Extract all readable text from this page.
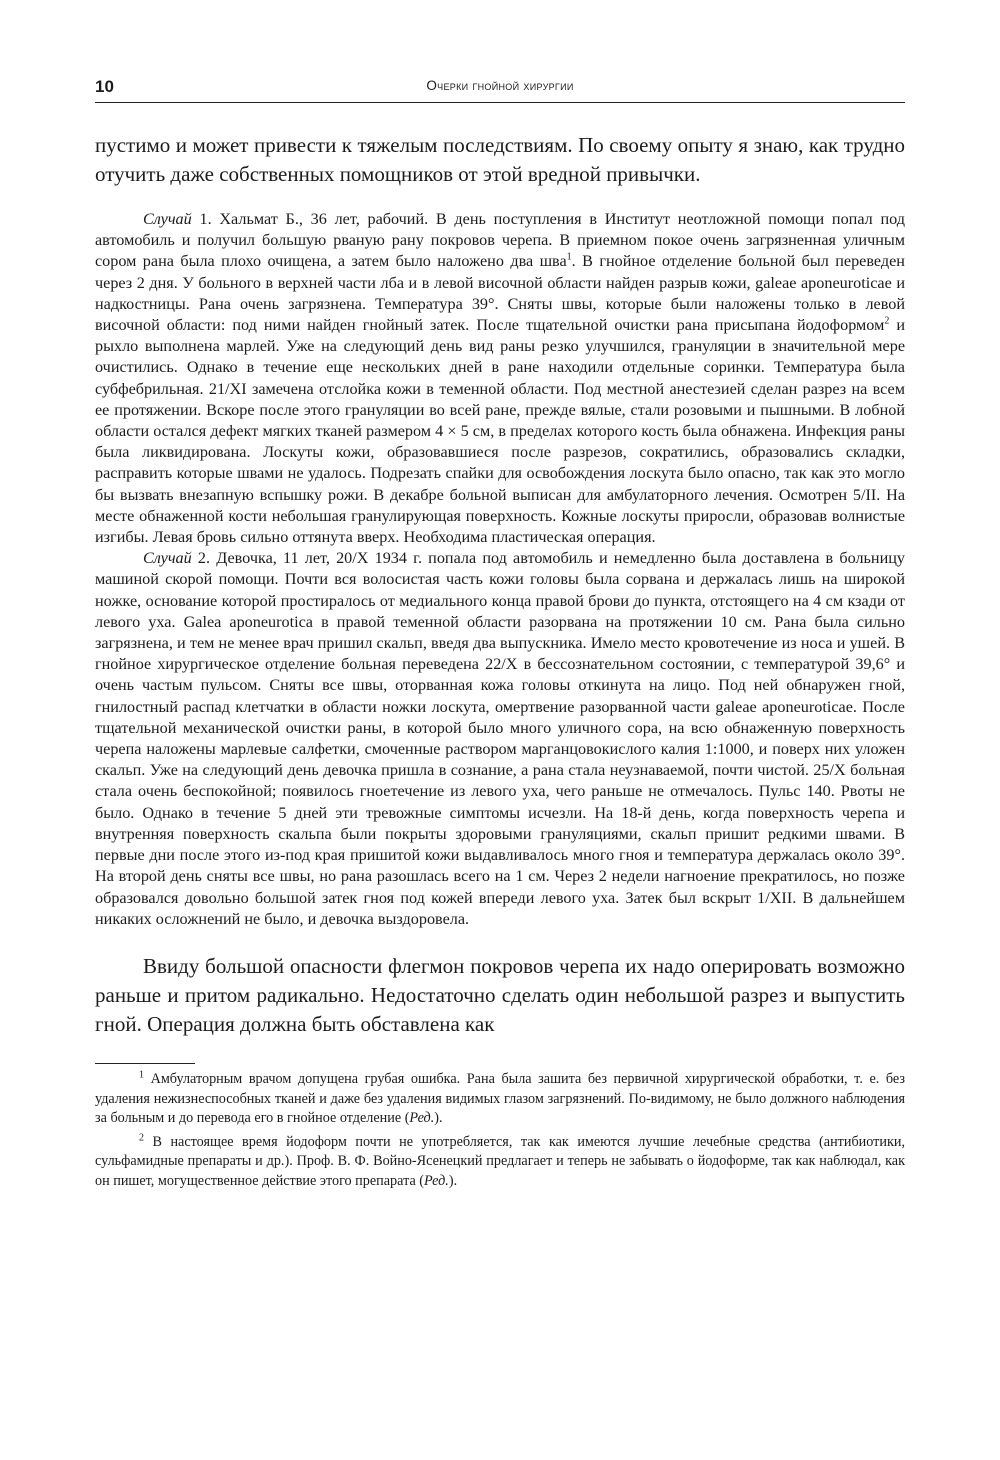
10	Очерки гнойной хирургии

пустимо и может привести к тяжелым последствиям. По своему опыту я знаю, как трудно отучить даже собственных помощников от этой вредной привычки.

Случай 1. Хальмат Б., 36 лет, рабочий. В день поступления в Институт неотложной помощи попал под автомобиль и получил большую рваную рану покровов черепа. В приемном покое очень загрязненная уличным сором рана была плохо очищена, а затем было наложено два шва$^1$. В гнойное отделение больной был переведен через 2 дня. У больного в верхней части лба и в левой височной области найден разрыв кожи, galeae aponeuroticae и надкостницы. Рана очень загрязнена. Температура 39°. Сняты швы, которые были наложены только в левой височной области: под ними найден гнойный затек. После тщательной очистки рана присыпана йодоформом$^2$ и рыхло выполнена марлей. Уже на следующий день вид раны резко улучшился, грануляции в значительной мере очистились. Однако в течение еще нескольких дней в ране находили отдельные соринки. Температура была субфебрильная. 21/XI замечена отслойка кожи в теменной области. Под местной анестезией сделан разрез на всем ее протяжении. Вскоре после этого грануляции во всей ране, прежде вялые, стали розовыми и пышными. В лобной области остался дефект мягких тканей размером 4 × 5 см, в пределах которого кость была обнажена. Инфекция раны была ликвидирована. Лоскуты кожи, образовавшиеся после разрезов, сократились, образовались складки, расправить которые швами не удалось. Подрезать спайки для освобождения лоскута было опасно, так как это могло бы вызвать внезапную вспышку рожи. В декабре больной выписан для амбулаторного лечения. Осмотрен 5/II. На месте обнаженной кости небольшая гранулирующая поверхность. Кожные лоскуты приросли, образовав волнистые изгибы. Левая бровь сильно оттянута вверх. Необходима пластическая операция.

Случай 2. Девочка, 11 лет, 20/X 1934 г. попала под автомобиль и немедленно была доставлена в больницу машиной скорой помощи. Почти вся волосистая часть кожи головы была сорвана и держалась лишь на широкой ножке, основание которой простиралось от медиального конца правой брови до пункта, отстоящего на 4 см кзади от левого уха. Galea aponeurotica в правой теменной области разорвана на протяжении 10 см. Рана была сильно загрязнена, и тем не менее врач пришил скальп, введя два выпускника. Имело место кровотечение из носа и ушей. В гнойное хирургическое отделение больная переведена 22/X в бессознательном состоянии, с температурой 39,6° и очень частым пульсом. Сняты все швы, оторванная кожа головы откинута на лицо. Под ней обнаружен гной, гнилостный распад клетчатки в области ножки лоскута, омертвение разорванной части galeae aponeuroticae. После тщательной механической очистки раны, в которой было много уличного сора, на всю обнаженную поверхность черепа наложены марлевые салфетки, смоченные раствором марганцовокислого калия 1:1000, и поверх них уложен скальп. Уже на следующий день девочка пришла в сознание, а рана стала неузнаваемой, почти чистой. 25/X больная стала очень беспокойной; появилось гноетечение из левого уха, чего раньше не отмечалось. Пульс 140. Рвоты не было. Однако в течение 5 дней эти тревожные симптомы исчезли. На 18-й день, когда поверхность черепа и внутренняя поверхность скальпа были покрыты здоровыми грануляциями, скальп пришит редкими швами. В первые дни после этого из-под края пришитой кожи выдавливалось много гноя и температура держалась около 39°. На второй день сняты все швы, но рана разошлась всего на 1 см. Через 2 недели нагноение прекратилось, но позже образовался довольно большой затек гноя под кожей впереди левого уха. Затек был вскрыт 1/XII. В дальнейшем никаких осложнений не было, и девочка выздоровела.

Ввиду большой опасности флегмон покровов черепа их надо оперировать возможно раньше и притом радикально. Недостаточно сделать один небольшой разрез и выпустить гной. Операция должна быть обставлена как

$^1$ Амбулаторным врачом допущена грубая ошибка. Рана была зашита без первичной хирургической обработки, т. е. без удаления нежизнеспособных тканей и даже без удаления видимых глазом загрязнений. По-видимому, не было должного наблюдения за больным и до перевода его в гнойное отделение (Ред.).

$^2$ В настоящее время йодоформ почти не употребляется, так как имеются лучшие лечебные средства (антибиотики, сульфамидные препараты и др.). Проф. В. Ф. Войно-Ясенецкий предлагает и теперь не забывать о йодоформе, так как наблюдал, как он пишет, могущественное действие этого препарата (Ред.).
